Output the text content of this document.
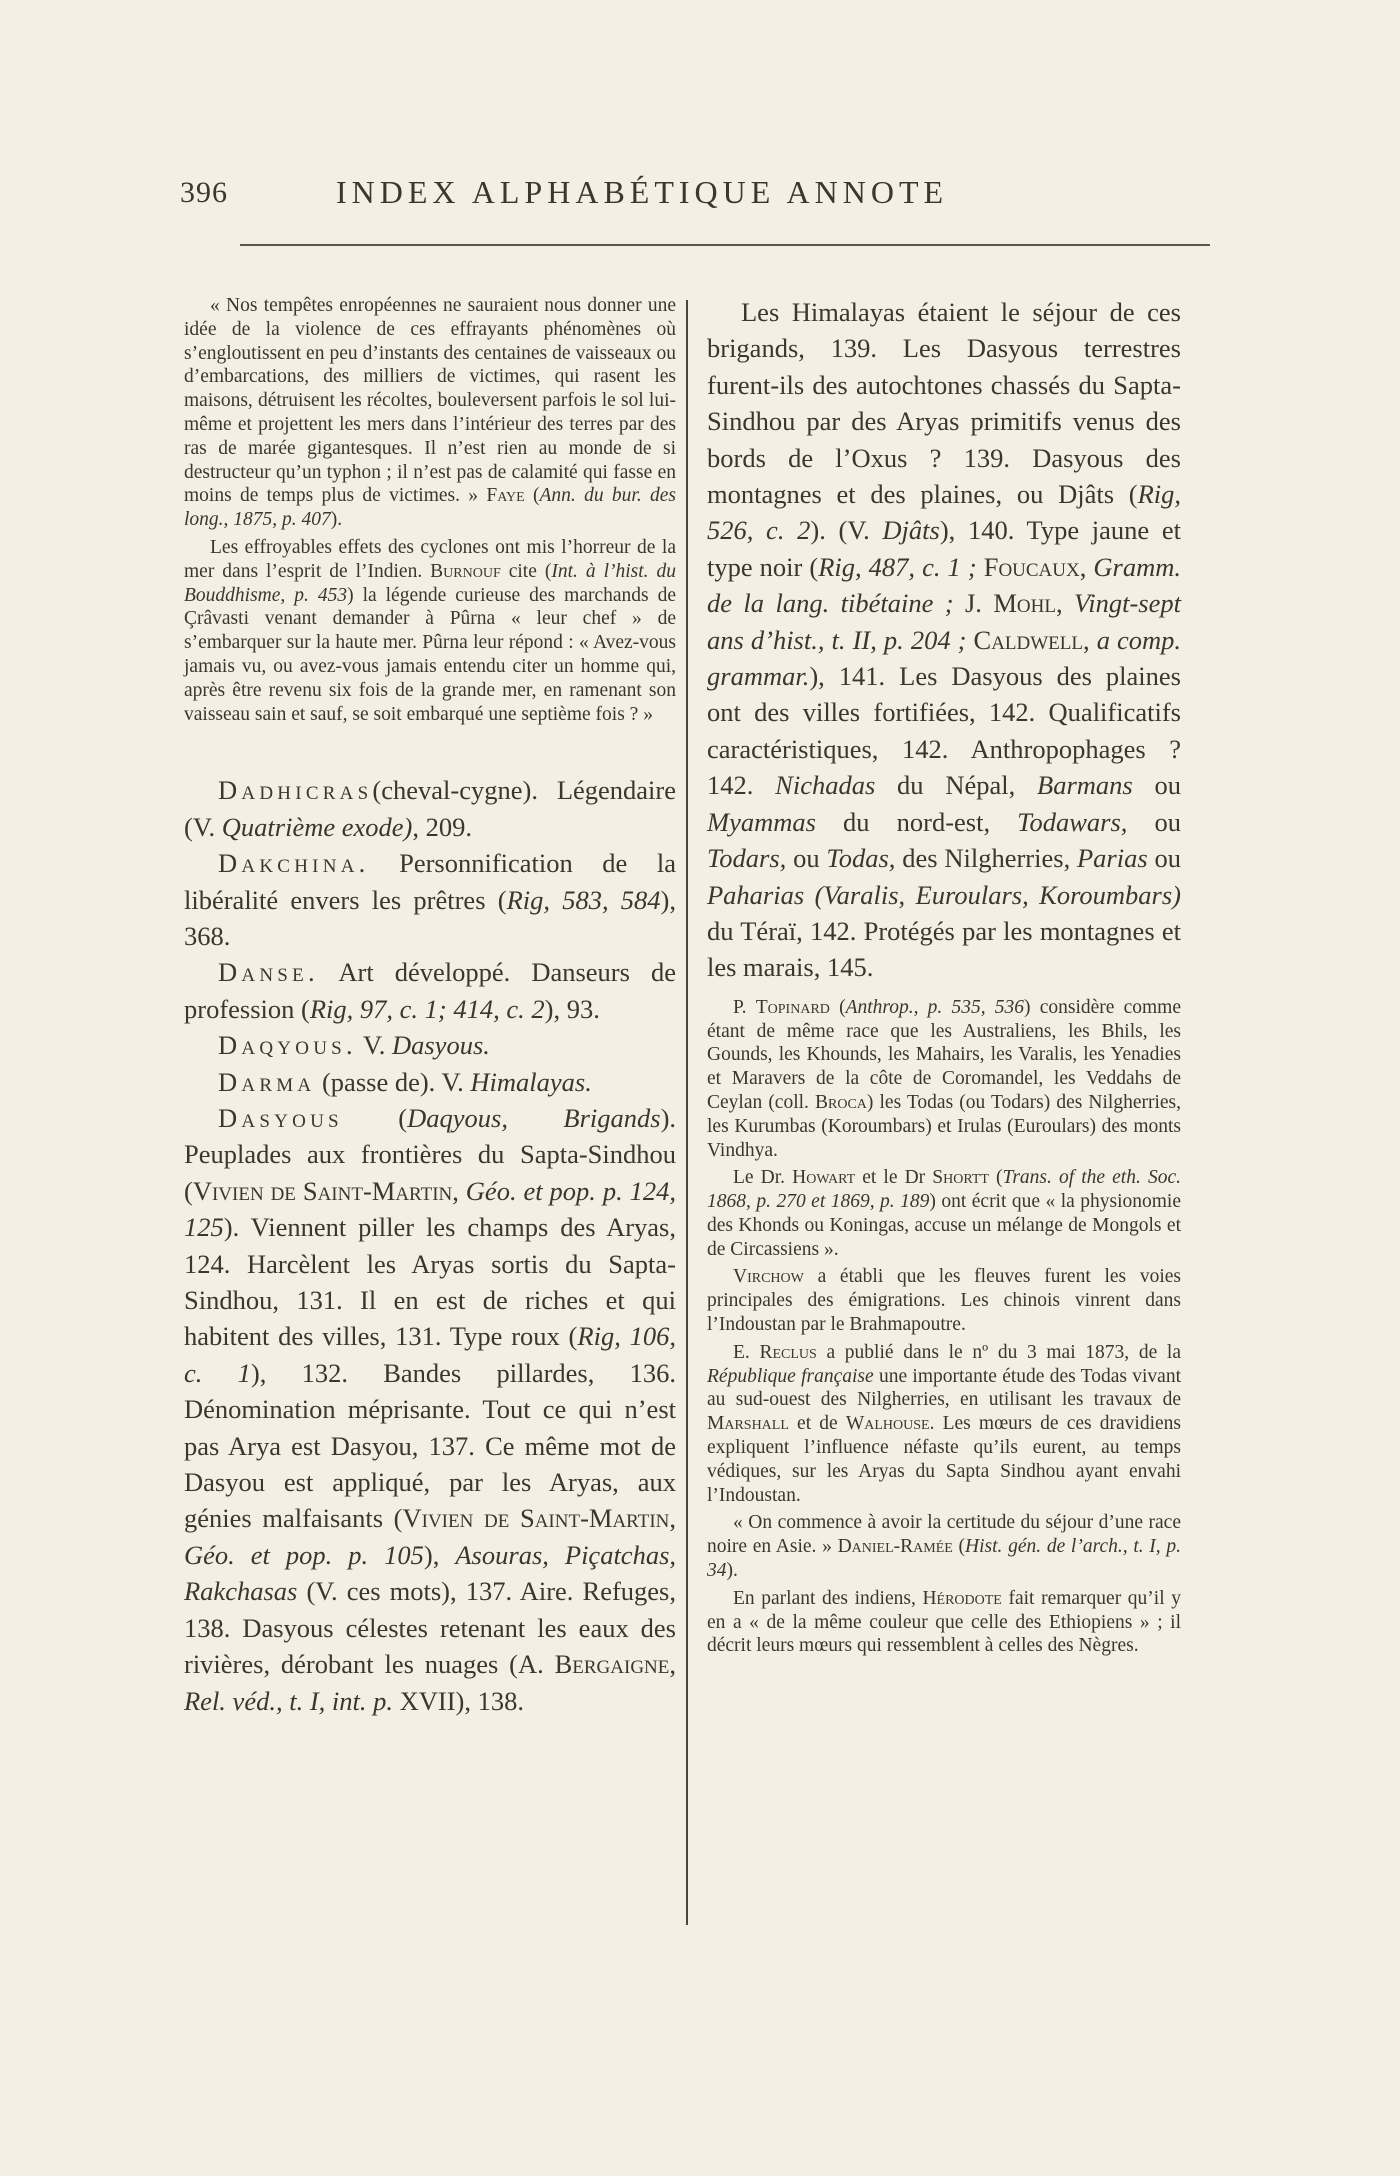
396	INDEX ALPHABÉTIQUE ANNOTE

« Nos tempêtes enropéennes ne sauraient nous donner une idée de la violence de ces effrayants phénomènes où s’engloutissent en peu d’instants des centaines de vaisseaux ou d’embarcations, des milliers de victimes, qui rasent les maisons, détruisent les récoltes, bouleversent parfois le sol lui-même et projettent les mers dans l’intérieur des terres par des ras de marée gigantesques. Il n’est rien au monde de si destructeur qu’un typhon ; il n’est pas de calamité qui fasse en moins de temps plus de victimes. » Faye (Ann. du bur. des long., 1875, p. 407).

Les effroyables effets des cyclones ont mis l’horreur de la mer dans l’esprit de l’Indien. Burnouf cite (Int. à l’hist. du Bouddhisme, p. 453) la légende curieuse des marchands de Çrâvasti venant demander à Pûrna « leur chef » de s’embarquer sur la haute mer. Pûrna leur répond : « Avez-vous jamais vu, ou avez-vous jamais entendu citer un homme qui, après être revenu six fois de la grande mer, en ramenant son vaisseau sain et sauf, se soit embarqué une septième fois ? »

Dadhicras(cheval-cygne). Légendaire (V. Quatrième exode), 209.

Dakchina. Personnification de la libéralité envers les prêtres (Rig, 583, 584), 368.

Danse. Art développé. Danseurs de profession (Rig, 97, c. 1; 414, c. 2), 93.

Daqyous. V. Dasyous.

Darma (passe de). V. Himalayas.

Dasyous (Daqyous, Brigands). Peuplades aux frontières du Sapta-Sindhou (Vivien de Saint-Martin, Géo. et pop. p. 124, 125). Viennent piller les champs des Aryas, 124. Harcèlent les Aryas sortis du Sapta-Sindhou, 131. Il en est de riches et qui habitent des villes, 131. Type roux (Rig, 106, c. 1), 132. Bandes pillardes, 136. Dénomination méprisante. Tout ce qui n’est pas Arya est Dasyou, 137. Ce même mot de Dasyou est appliqué, par les Aryas, aux génies malfaisants (Vivien de Saint-Martin, Géo. et pop. p. 105), Asouras, Piçatchas, Rakchasas (V. ces mots), 137. Aire. Refuges, 138. Dasyous célestes retenant les eaux des rivières, dérobant les nuages (A. Bergaigne, Rel. véd., t. I, int. p. XVII), 138.

Les Himalayas étaient le séjour de ces brigands, 139. Les Dasyous terrestres furent-ils des autochtones chassés du Sapta-Sindhou par des Aryas primitifs venus des bords de l’Oxus ? 139. Dasyous des montagnes et des plaines, ou Djâts (Rig, 526, c. 2). (V. Djâts), 140. Type jaune et type noir (Rig, 487, c. 1 ; Foucaux, Gramm. de la lang. tibétaine ; J. Mohl, Vingt-sept ans d’hist., t. II, p. 204 ; Caldwell, a comp. grammar.), 141. Les Dasyous des plaines ont des villes fortifiées, 142. Qualificatifs caractéristiques, 142. Anthropophages ? 142. Nichadas du Népal, Barmans ou Myammas du nord-est, Todawars, ou Todars, ou Todas, des Nilgherries, Parias ou Paharias (Varalis, Euroulars, Koroumbars) du Téraï, 142. Protégés par les montagnes et les marais, 145.

P. Topinard (Anthrop., p. 535, 536) considère comme étant de même race que les Australiens, les Bhils, les Gounds, les Khounds, les Mahairs, les Varalis, les Yenadies et Maravers de la côte de Coromandel, les Veddahs de Ceylan (coll. Broca) les Todas (ou Todars) des Nilgherries, les Kurumbas (Koroumbars) et Irulas (Euroulars) des monts Vindhya.

Le Dr. Howart et le Dr Shortt (Trans. of the eth. Soc. 1868, p. 270 et 1869, p. 189) ont écrit que « la physionomie des Khonds ou Koningas, accuse un mélange de Mongols et de Circassiens ».

Virchow a établi que les fleuves furent les voies principales des émigrations. Les chinois vinrent dans l’Indoustan par le Brahmapoutre.

E. Reclus a publié dans le nº du 3 mai 1873, de la République française une importante étude des Todas vivant au sud-ouest des Nilgherries, en utilisant les travaux de Marshall et de Walhouse. Les mœurs de ces dravidiens expliquent l’influence néfaste qu’ils eurent, au temps védiques, sur les Aryas du Sapta Sindhou ayant envahi l’Indoustan.

« On commence à avoir la certitude du séjour d’une race noire en Asie. » Daniel-Ramée (Hist. gén. de l’arch., t. I, p. 34).

En parlant des indiens, Hérodote fait remarquer qu’il y en a « de la même couleur que celle des Ethiopiens » ; il décrit leurs mœurs qui ressemblent à celles des Nègres.
